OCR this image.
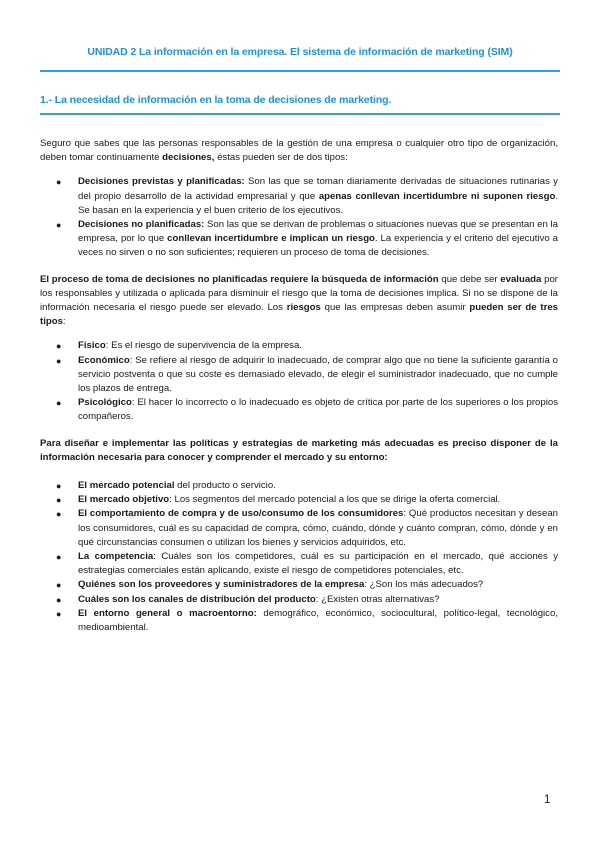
UNIDAD 2 La información en la empresa. El sistema de información de marketing (SIM)
1.- La necesidad de información en la toma de decisiones de marketing.

Seguro que sabes que las personas responsables de la gestión de una empresa o cualquier otro tipo de organización, deben tomar continuamente decisiones, éstas pueden ser de dos tipos:

● Decisiones previstas y planificadas: Son las que se toman diariamente derivadas de situaciones rutinarias y del propio desarrollo de la actividad empresarial y que apenas conllevan incertidumbre ni suponen riesgo. Se basan en la experiencia y el buen criterio de los ejecutivos.
● Decisiones no planificadas: Son las que se derivan de problemas o situaciones nuevas que se presentan en la empresa, por lo que conllevan incertidumbre e implican un riesgo. La experiencia y el criterio del ejecutivo a veces no sirven o no son suficientes; requieren un proceso de toma de decisiones.

El proceso de toma de decisiones no planificadas requiere la búsqueda de información que debe ser evaluada por los responsables y utilizada o aplicada para disminuir el riesgo que la toma de decisiones implica. Si no se dispone de la información necesaria el riesgo puede ser elevado. Los riesgos que las empresas deben asumir pueden ser de tres tipos:

● Físico: Es el riesgo de supervivencia de la empresa.
● Económico: Se refiere al riesgo de adquirir lo inadecuado, de comprar algo que no tiene la suficiente garantía o servicio postventa o que su coste es demasiado elevado, de elegir el suministrador inadecuado, que no cumple los plazos de entrega.
● Psicológico: El hacer lo incorrecto o lo inadecuado es objeto de crítica por parte de los superiores o los propios compañeros.

Para diseñar e implementar las políticas y estrategias de marketing más adecuadas es preciso disponer de la información necesaria para conocer y comprender el mercado y su entorno:

● El mercado potencial del producto o servicio.
● El mercado objetivo: Los segmentos del mercado potencial a los que se dirige la oferta comercial.
● El comportamiento de compra y de uso/consumo de los consumidores: Qué productos necesitan y desean los consumidores, cuál es su capacidad de compra, cómo, cuándo, dónde y cuánto compran, cómo, dónde y en qué circunstancias consumen o utilizan los bienes y servicios adquiridos, etc.
● La competencia: Cuáles son los competidores, cuál es su participación en el mercado, qué acciones y estrategias comerciales están aplicando, existe el riesgo de competidores potenciales, etc.
● Quiénes son los proveedores y suministradores de la empresa: ¿Son los más adecuados?
● Cuáles son los canales de distribución del producto: ¿Existen otras alternativas?
● El entorno general o macroentorno: demográfico, económico, sociocultural, político-legal, tecnológico, medioambiental.
1
